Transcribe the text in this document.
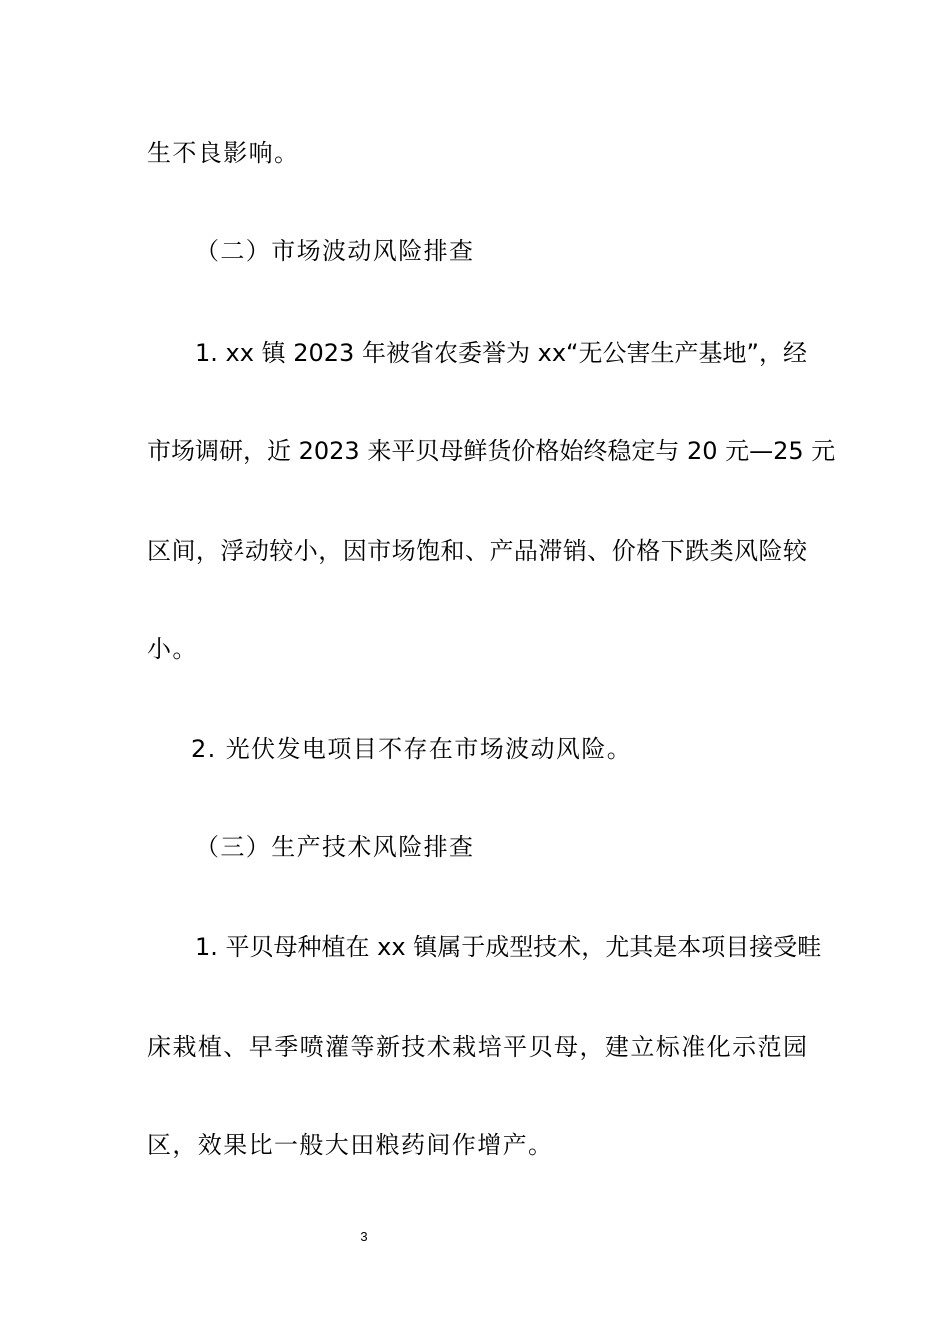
生不良影响。
（二）市场波动风险排查
1. xx 镇 2023 年被省农委誉为 xx“无公害生产基地”，经
市场调研，近 2023 来平贝母鲜货价格始终稳定与 20 元—25 元
区间，浮动较小，因市场饱和、产品滞销、价格下跌类风险较
小。
2. 光伏发电项目不存在市场波动风险。
（三）生产技术风险排查
1. 平贝母种植在 xx 镇属于成型技术，尤其是本项目接受畦
床栽植、早季喷灌等新技术栽培平贝母，建立标准化示范园
区，效果比一般大田粮药间作增产。
3
